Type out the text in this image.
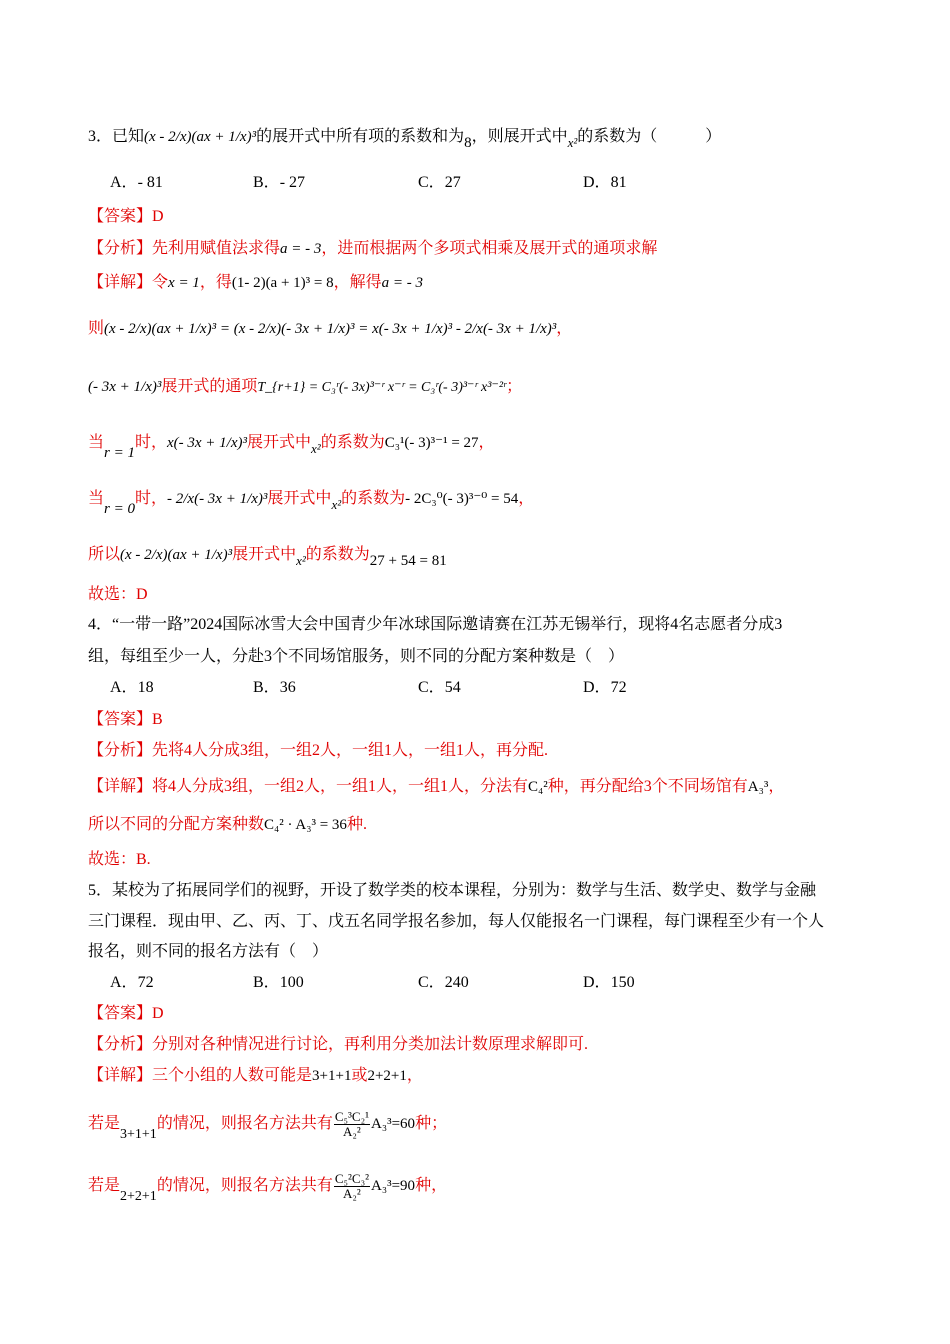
3．已知(x - 2/x)(ax + 1/x)³的展开式中所有项的系数和为8，则展开式中$_{x^2}$的系数为（　　　）
A．- 81	B．- 27	C．27	D．81
【答案】D
【分析】先利用赋值法求得a = - 3，进而根据两个多项式相乘及展开式的通项求解
【详解】令x = 1，得(1- 2)(a + 1)³ = 8，解得a = - 3
则(x - 2/x)(ax + 1/x)³ = (x - 2/x)(- 3x + 1/x)³ = x(- 3x + 1/x)³ - 2/x(- 3x + 1/x)³，
(- 3x + 1/x)³展开式的通项T_{r+1} = C₃ʳ(- 3x)³⁻ʳ x⁻ʳ = C₃ʳ(- 3)³⁻ʳ x³⁻²ʳ；
当r = 1时，x(- 3x + 1/x)³展开式中$_{x^2}$的系数为C₃¹(- 3)³⁻¹ = 27，
当r = 0时，- 2/x(- 3x + 1/x)³展开式中$_{x^2}$的系数为- 2C₃⁰(- 3)³⁻⁰ = 54，
所以(x - 2/x)(ax + 1/x)³展开式中$_{x^2}$的系数为27 + 54 = 81
故选：D
4．“一带一路”2024国际冰雪大会中国青少年冰球国际邀请赛在江苏无锡举行，现将4名志愿者分成3
组，每组至少一人，分赴3个不同场馆服务，则不同的分配方案种数是（　）
A．18	B．36	C．54	D．72
【答案】B
【分析】先将4人分成3组，一组2人，一组1人，一组1人，再分配.
【详解】将4人分成3组，一组2人，一组1人，一组1人，分法有C₄²种，再分配给3个不同场馆有A₃³，
所以不同的分配方案种数C₄² · A₃³ = 36种.
故选：B.
5．某校为了拓展同学们的视野，开设了数学类的校本课程，分别为：数学与生活、数学史、数学与金融
三门课程．现由甲、乙、丙、丁、戊五名同学报名参加，每人仅能报名一门课程，每门课程至少有一个人
报名，则不同的报名方法有（　）
A．72	B．100	C．240	D．150
【答案】D
【分析】分别对各种情况进行讨论，再利用分类加法计数原理求解即可.
【详解】三个小组的人数可能是3+1+1或2+2+1，
若是3+1+1的情况，则报名方法共有 $\frac{\text{C₅³C₂¹}}{\text{A₂²}} A_3^3=60$种；
若是2+2+1的情况，则报名方法共有 $\frac{\text{C₅²C₃²}}{\text{A₂²}} A_3^3=90$种，
